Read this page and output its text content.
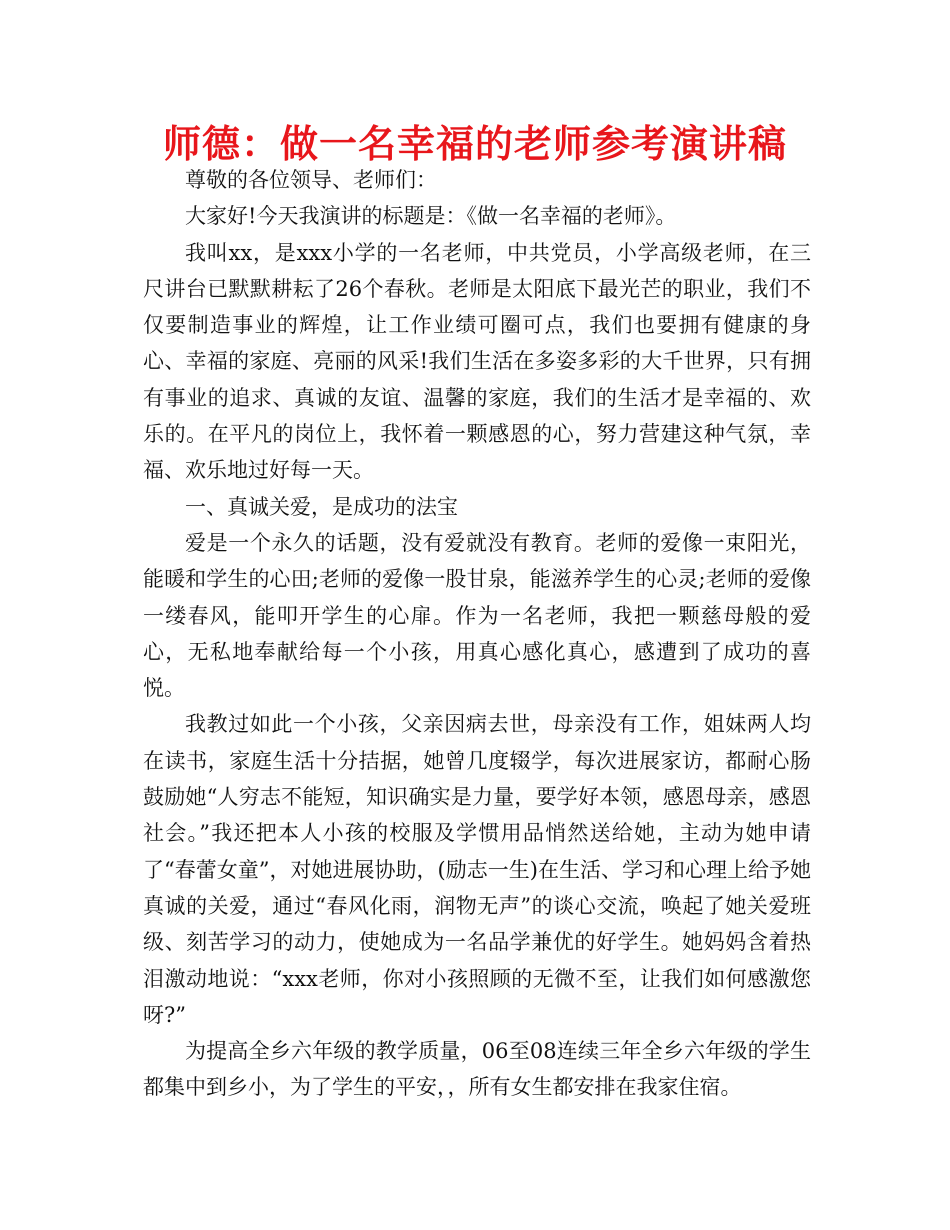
师德：做一名幸福的老师参考演讲稿

尊敬的各位领导、老师们：

大家好!今天我演讲的标题是：《做一名幸福的老师》。

我叫xx，是xxx小学的一名老师，中共党员，小学高级老师，在三尺讲台已默默耕耘了26个春秋。老师是太阳底下最光芒的职业，我们不仅要制造事业的辉煌，让工作业绩可圈可点，我们也要拥有健康的身心、幸福的家庭、亮丽的风采!我们生活在多姿多彩的大千世界，只有拥有事业的追求、真诚的友谊、温馨的家庭，我们的生活才是幸福的、欢乐的。在平凡的岗位上，我怀着一颗感恩的心，努力营建这种气氛，幸福、欢乐地过好每一天。

一、真诚关爱，是成功的法宝

爱是一个永久的话题，没有爱就没有教育。老师的爱像一束阳光，能暖和学生的心田;老师的爱像一股甘泉，能滋养学生的心灵;老师的爱像一缕春风，能叩开学生的心扉。作为一名老师，我把一颗慈母般的爱心，无私地奉献给每一个小孩，用真心感化真心，感遭到了成功的喜悦。

我教过如此一个小孩，父亲因病去世，母亲没有工作，姐妹两人均在读书，家庭生活十分拮据，她曾几度辍学，每次进展家访，都耐心肠鼓励她“人穷志不能短，知识确实是力量，要学好本领，感恩母亲，感恩社会。”我还把本人小孩的校服及学惯用品悄然送给她，主动为她申请了“春蕾女童”，对她进展协助，(励志一生)在生活、学习和心理上给予她真诚的关爱，通过“春风化雨，润物无声”的谈心交流，唤起了她关爱班级、刻苦学习的动力，使她成为一名品学兼优的好学生。她妈妈含着热泪激动地说：“xxx老师，你对小孩照顾的无微不至，让我们如何感激您呀?”

为提高全乡六年级的教学质量，06至08连续三年全乡六年级的学生都集中到乡小，为了学生的平安，，所有女生都安排在我家住宿。
